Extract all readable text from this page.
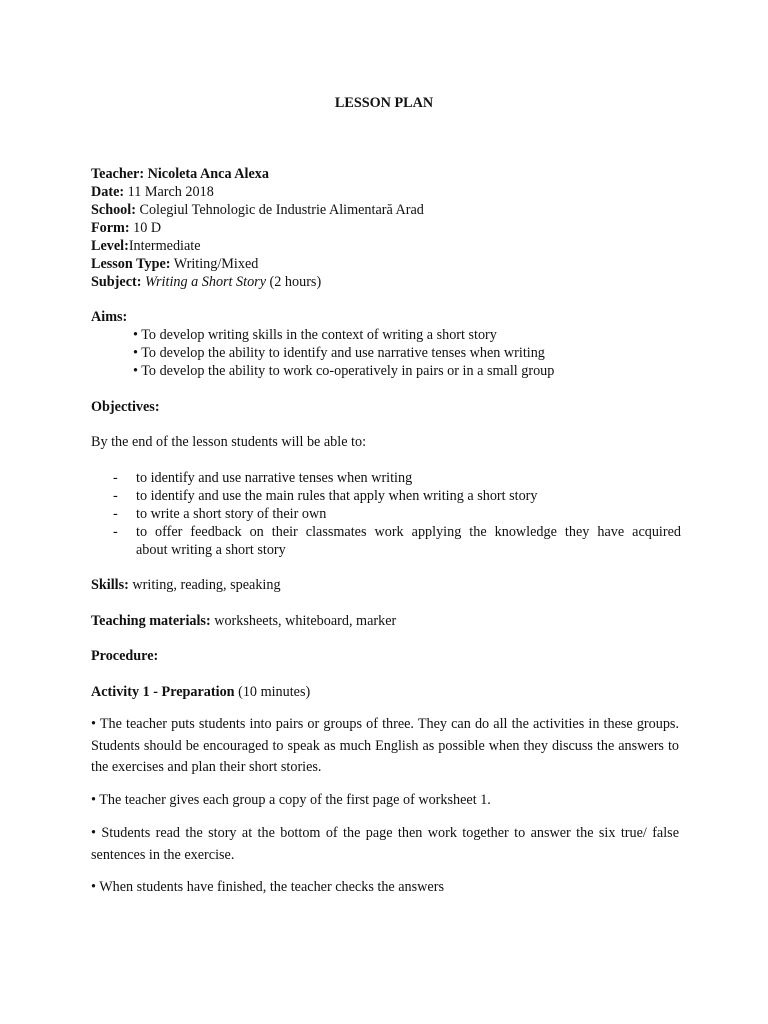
LESSON PLAN
Teacher: Nicoleta Anca Alexa
Date: 11 March 2018
School: Colegiul Tehnologic de Industrie Alimentară Arad
Form: 10 D
Level:Intermediate
Lesson Type: Writing/Mixed
Subject: Writing a Short Story (2 hours)
Aims:
• To develop writing skills in the context of writing a short story
• To develop the ability to identify and use narrative tenses when writing
• To develop the ability to work co-operatively in pairs or in a small group
Objectives:
By the end of the lesson students will be able to:
- to identify and use narrative tenses when writing
- to identify and use the main rules that apply when writing a short story
- to write a short story of their own
- to offer feedback on their classmates work applying the knowledge they have acquired
about writing a short story
Skills: writing, reading, speaking
Teaching materials: worksheets, whiteboard, marker
Procedure:
Activity 1 - Preparation (10 minutes)
• The teacher puts students into pairs or groups of three. They can do all the activities in these groups. Students should be encouraged to speak as much English as possible when they discuss the answers to the exercises and plan their short stories.
• The teacher gives each group a copy of the first page of worksheet 1.
• Students read the story at the bottom of the page then work together to answer the six true/ false sentences in the exercise.
• When students have finished, the teacher checks the answers
